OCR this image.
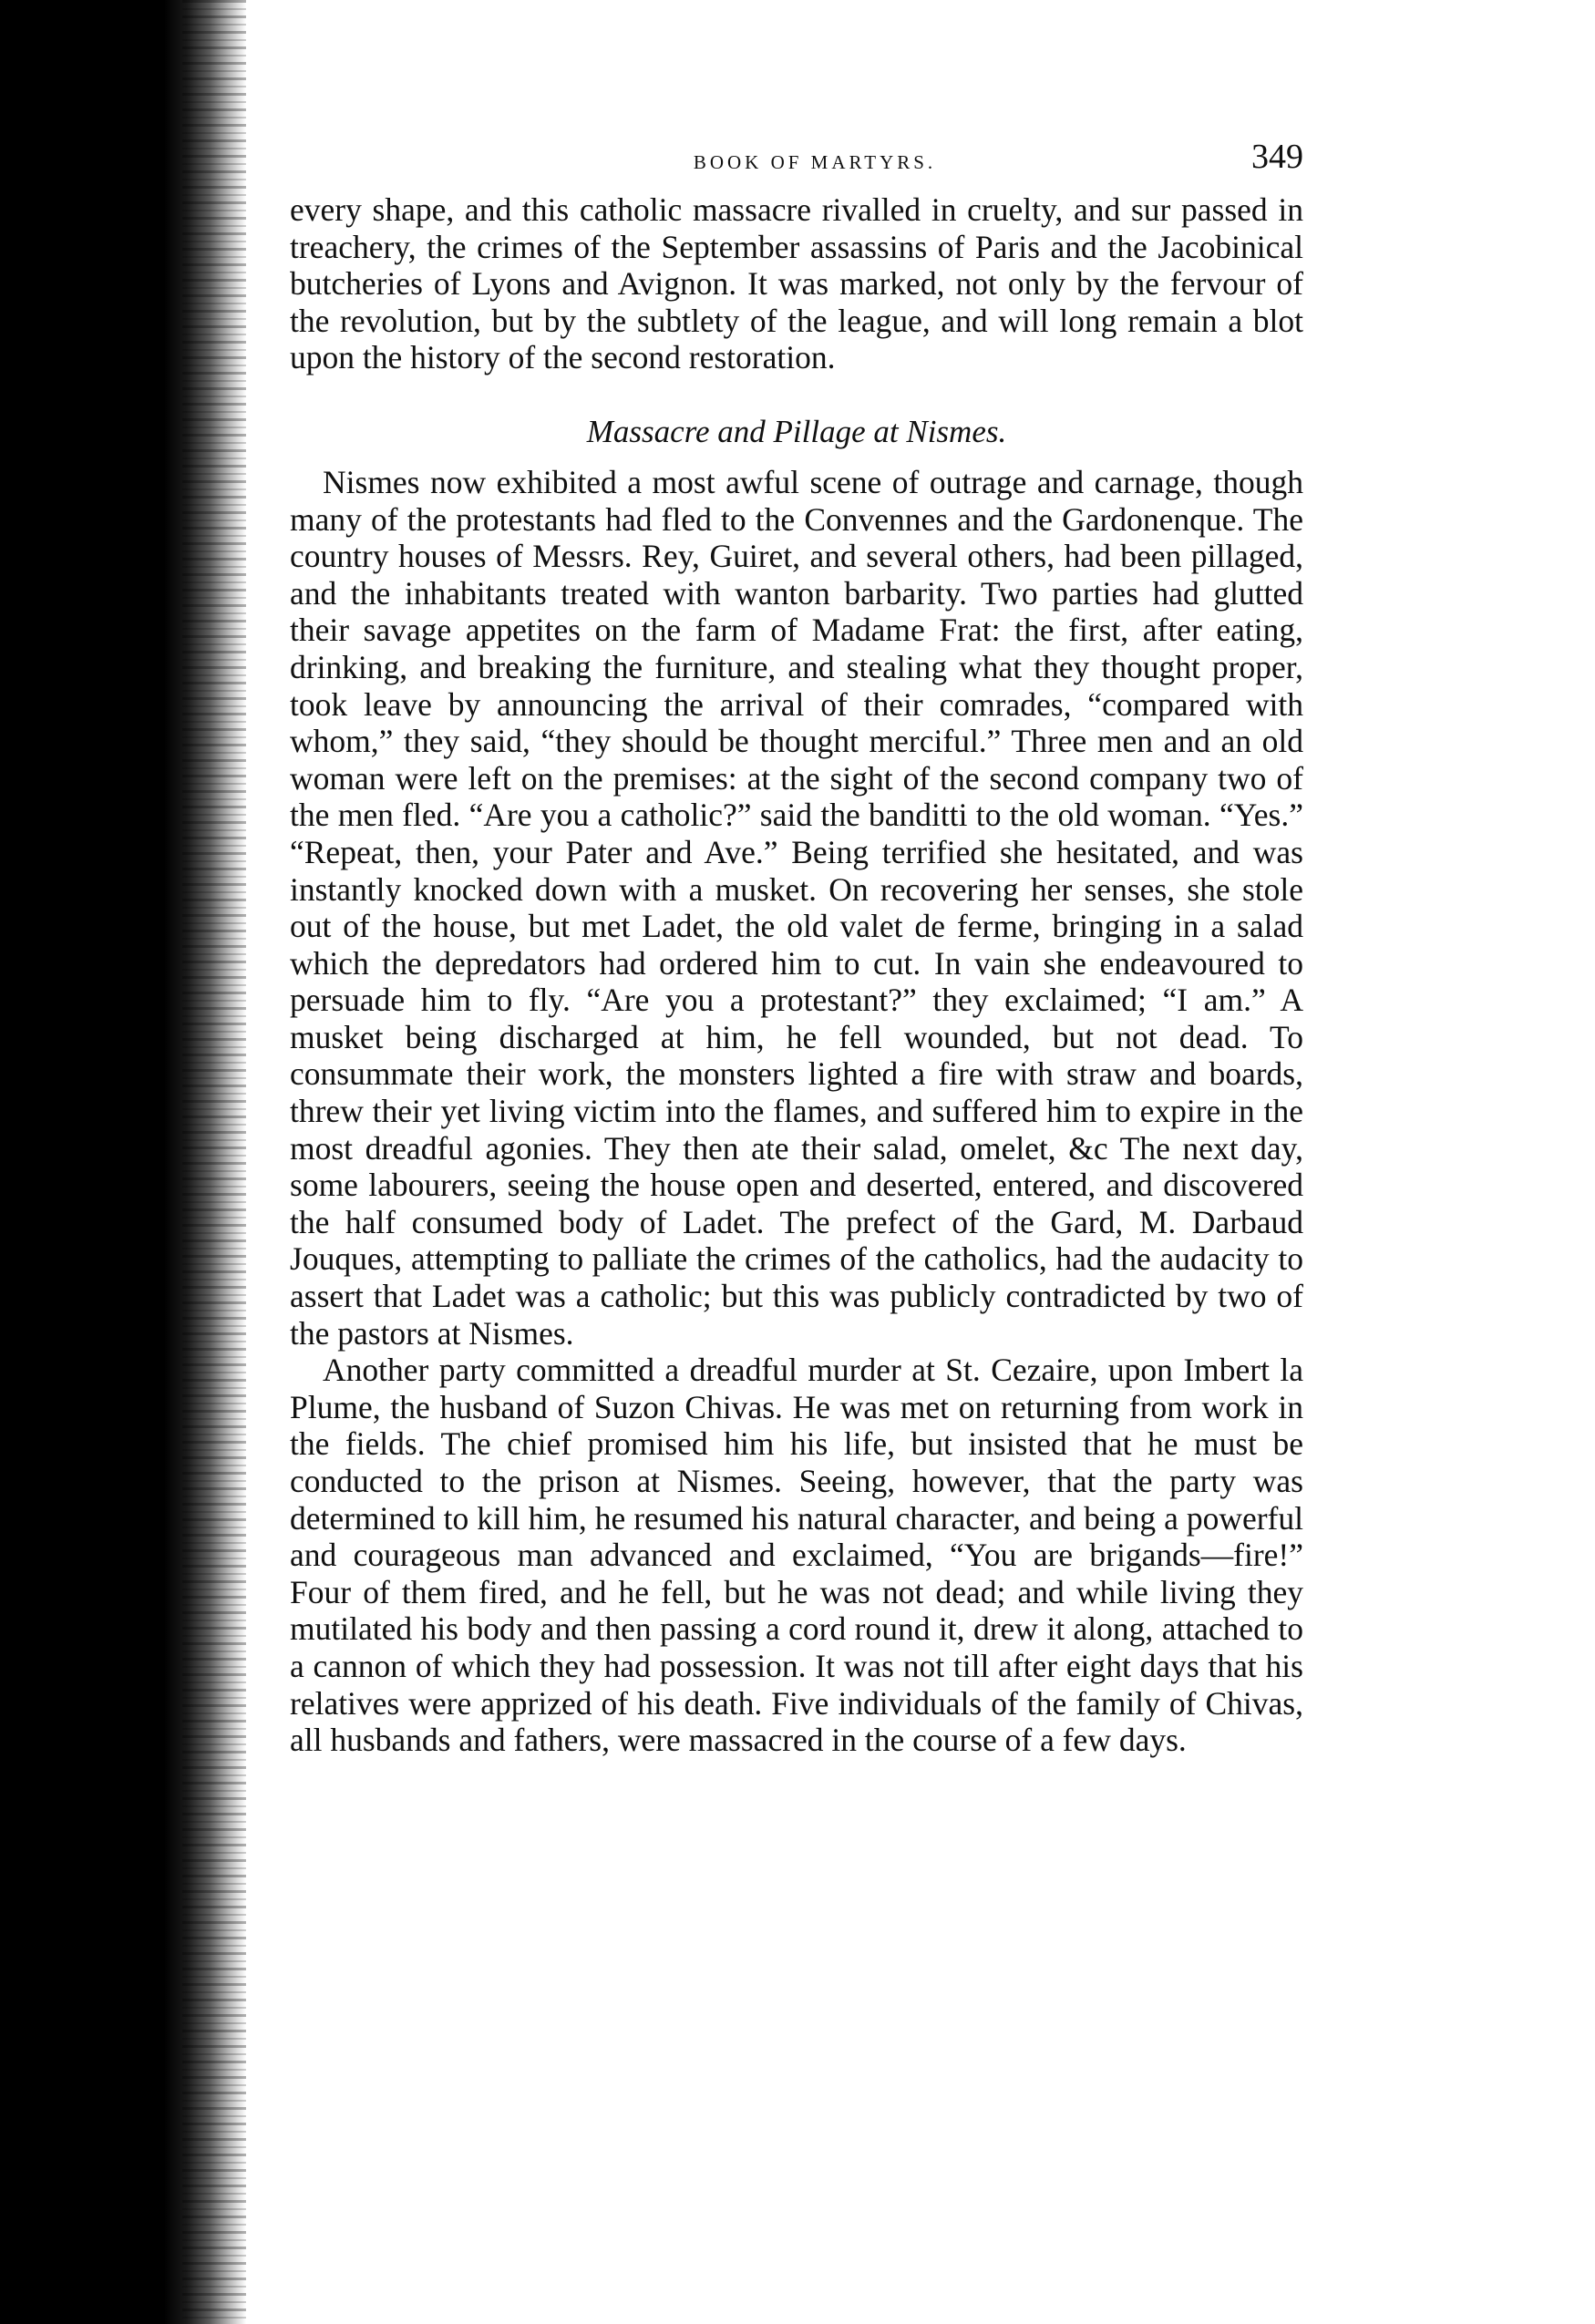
BOOK OF MARTYRS.	349

every shape, and this catholic massacre rivalled in cruelty, and sur passed in treachery, the crimes of the September assassins of Paris and the Jacobinical butcheries of Lyons and Avignon. It was marked, not only by the fervour of the revolution, but by the subtlety of the league, and will long remain a blot upon the history of the second restoration.

Massacre and Pillage at Nismes.

Nismes now exhibited a most awful scene of outrage and carnage, though many of the protestants had fled to the Convennes and the Gardonenque. The country houses of Messrs. Rey, Guiret, and several others, had been pillaged, and the inhabitants treated with wanton barbarity. Two parties had glutted their savage appetites on the farm of Madame Frat: the first, after eating, drinking, and breaking the furniture, and stealing what they thought proper, took leave by announcing the arrival of their comrades, “compared with whom,” they said, “they should be thought merciful.” Three men and an old woman were left on the premises: at the sight of the second company two of the men fled. “Are you a catholic?” said the banditti to the old woman. “Yes.” “Repeat, then, your Pater and Ave.” Being terrified she hesitated, and was instantly knocked down with a musket. On recovering her senses, she stole out of the house, but met Ladet, the old valet de ferme, bringing in a salad which the depredators had ordered him to cut. In vain she endeavoured to persuade him to fly. “Are you a protestant?” they exclaimed; “I am.” A musket being discharged at him, he fell wounded, but not dead. To consummate their work, the monsters lighted a fire with straw and boards, threw their yet living victim into the flames, and suffered him to expire in the most dreadful agonies. They then ate their salad, omelet, &c The next day, some labourers, seeing the house open and deserted, entered, and discovered the half consumed body of Ladet. The prefect of the Gard, M. Darbaud Jouques, attempting to palliate the crimes of the catholics, had the audacity to assert that Ladet was a catholic; but this was publicly contradicted by two of the pastors at Nismes.

Another party committed a dreadful murder at St. Cezaire, upon Imbert la Plume, the husband of Suzon Chivas. He was met on returning from work in the fields. The chief promised him his life, but insisted that he must be conducted to the prison at Nismes. Seeing, however, that the party was determined to kill him, he resumed his natural character, and being a powerful and courageous man advanced and exclaimed, “You are brigands—fire!” Four of them fired, and he fell, but he was not dead; and while living they mutilated his body and then passing a cord round it, drew it along, attached to a cannon of which they had possession. It was not till after eight days that his relatives were apprized of his death. Five individuals of the family of Chivas, all husbands and fathers, were massacred in the course of a few days.
